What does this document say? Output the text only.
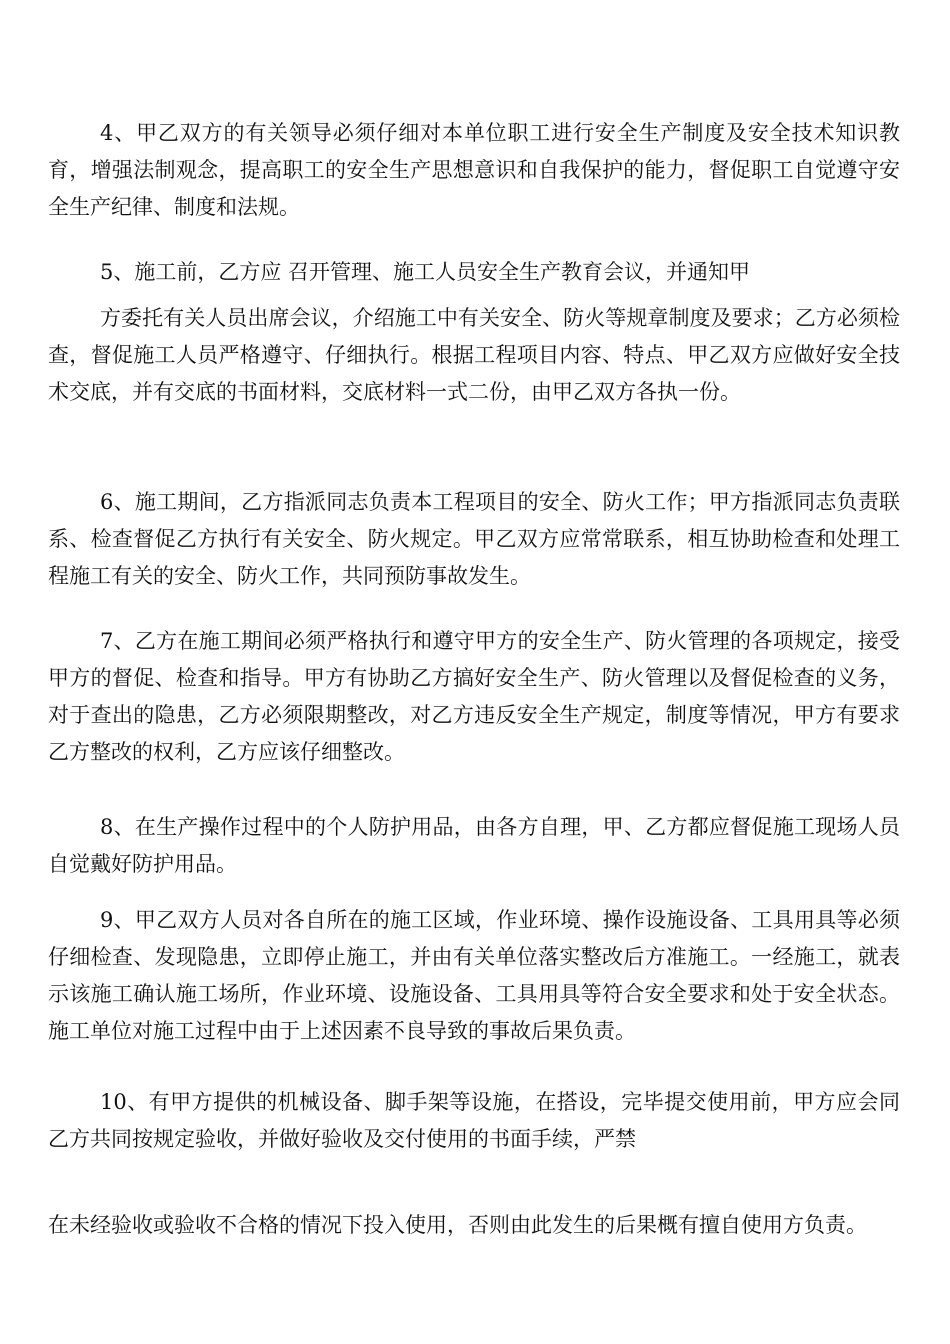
4、甲乙双方的有关领导必须仔细对本单位职工进行安全生产制度及安全技术知识教育，增强法制观念，提高职工的安全生产思想意识和自我保护的能力，督促职工自觉遵守安全生产纪律、制度和法规。

5、施工前，乙方应 召开管理、施工人员安全生产教育会议，并通知甲

方委托有关人员出席会议，介绍施工中有关安全、防火等规章制度及要求；乙方必须检查，督促施工人员严格遵守、仔细执行。根据工程项目内容、特点、甲乙双方应做好安全技术交底，并有交底的书面材料，交底材料一式二份，由甲乙双方各执一份。

6、施工期间，乙方指派同志负责本工程项目的安全、防火工作；甲方指派同志负责联系、检查督促乙方执行有关安全、防火规定。甲乙双方应常常联系，相互协助检查和处理工程施工有关的安全、防火工作，共同预防事故发生。

7、乙方在施工期间必须严格执行和遵守甲方的安全生产、防火管理的各项规定，接受甲方的督促、检查和指导。甲方有协助乙方搞好安全生产、防火管理以及督促检查的义务，对于查出的隐患，乙方必须限期整改，对乙方违反安全生产规定，制度等情况，甲方有要求乙方整改的权利，乙方应该仔细整改。

8、在生产操作过程中的个人防护用品，由各方自理，甲、乙方都应督促施工现场人员自觉戴好防护用品。

9、甲乙双方人员对各自所在的施工区域，作业环境、操作设施设备、工具用具等必须仔细检查、发现隐患，立即停止施工，并由有关单位落实整改后方准施工。一经施工，就表示该施工确认施工场所，作业环境、设施设备、工具用具等符合安全要求和处于安全状态。施工单位对施工过程中由于上述因素不良导致的事故后果负责。

10、有甲方提供的机械设备、脚手架等设施，在搭设，完毕提交使用前，甲方应会同乙方共同按规定验收，并做好验收及交付使用的书面手续，严禁

在未经验收或验收不合格的情况下投入使用，否则由此发生的后果概有擅自使用方负责。
